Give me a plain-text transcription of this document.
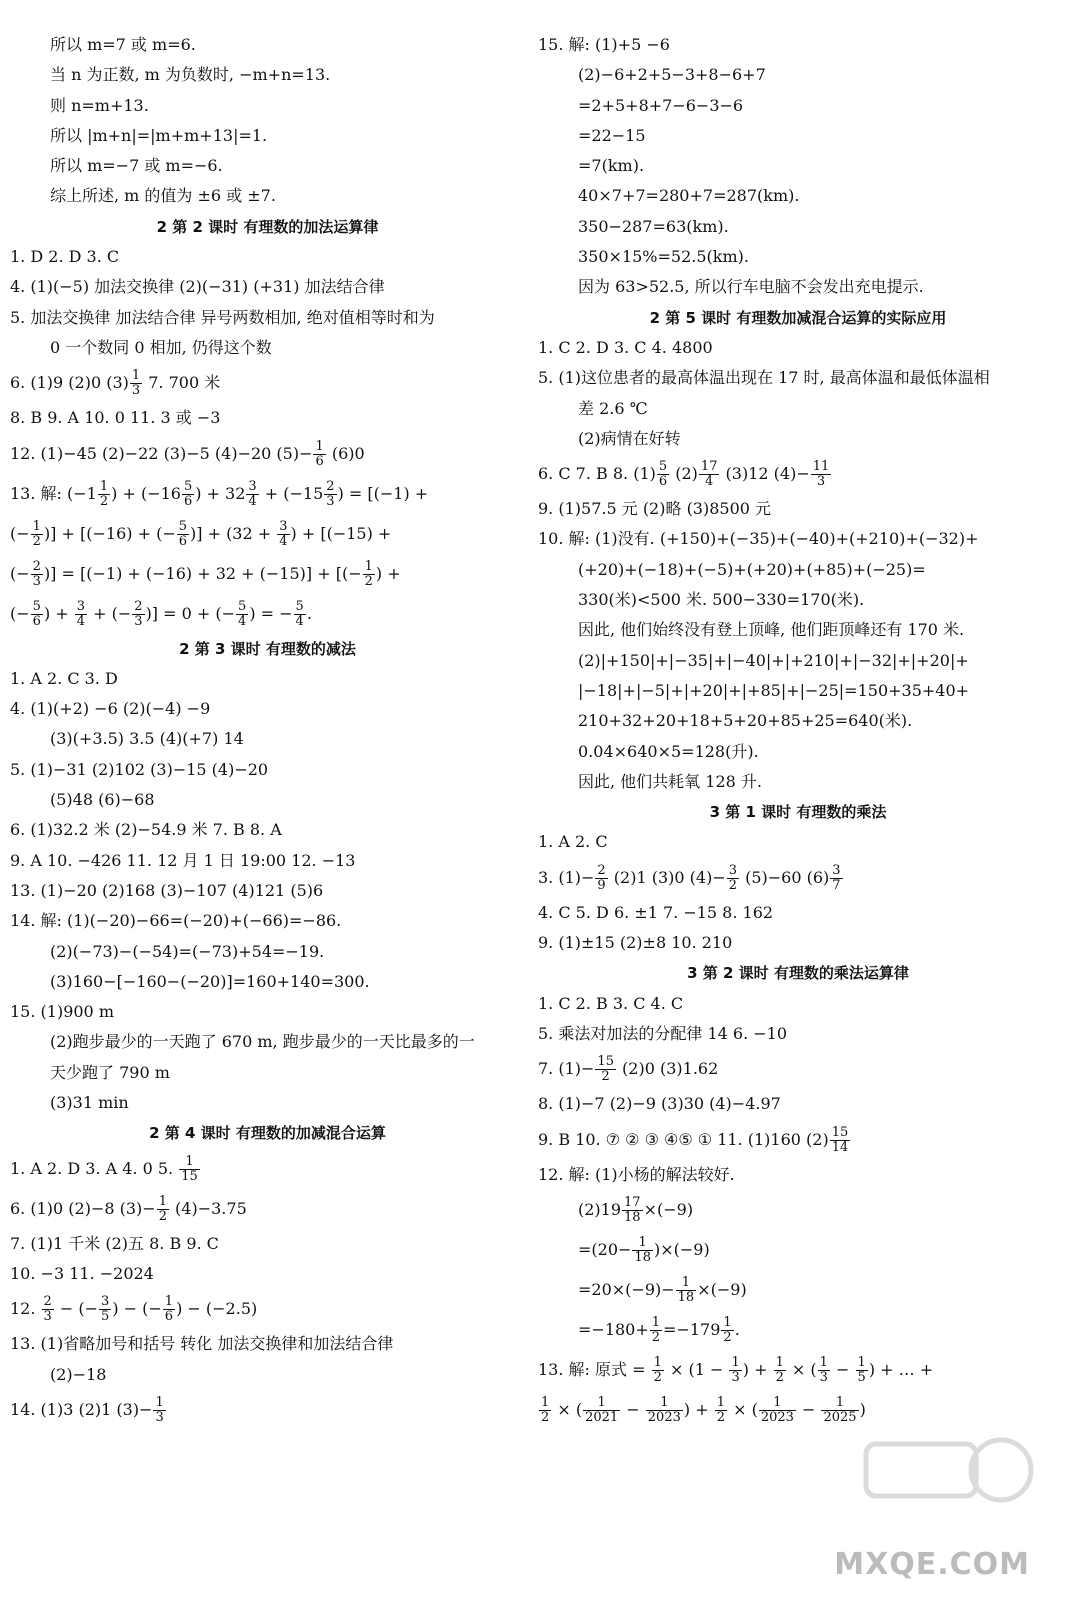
所以 m=7 或 m=6.
当 n 为正数, m 为负数时, −m+n=13.
则 n=m+13.
所以 |m+n|=|m+m+13|=1.
所以 m=−7 或 m=−6.
综上所述, m 的值为 ±6 或 ±7.
2 第 2 课时 有理数的加法运算律
1. D 2. D 3. C
4. (1)(−5) 加法交换律 (2)(−31) (+31) 加法结合律
5. 加法交换律 加法结合律 异号两数相加, 绝对值相等时和为
0 一个数同 0 相加, 仍得这个数
6. (1)9 (2)0 $(3) \frac{1}{3} 7$. 700 米
8. B 9. A 10. 0 11. 3 或 −3
12. (1)−45 (2)−22 (3)−5 (4)−20 $(5)- \frac{1}{6} (6)0$
13. 解: ($-1 \frac{1}{2}$ ) + ($-16 \frac{5}{6}$ ) + $32 \frac{3}{4} + (-15 \frac{2}{3}$ ) = [(−1) +
(− $\frac{1}{2}$ )] + [(−16) + (− $\frac{5}{6}$ )] + ($32 + \frac{3}{4}$ ) + [(−15) +
(− $\frac{2}{3}$ )] = [(−1) + (−16) + 32 + (−15)] + [(− $\frac{1}{2}$ ) +
(− $\frac{5}{6}$ ) + $\frac{3}{4}$ + (− $\frac{2}{3}$ )] = 0 + (− $\frac{5}{4}$ ) = − $\frac{5}{4}$ .
2 第 3 课时 有理数的减法
1. A 2. C 3. D
4. (1)(+2) −6 (2)(−4) −9
(3)(+3.5) 3.5 (4)(+7) 14
5. (1)−31 (2)102 (3)−15 (4)−20
(5)48 (6)−68
6. (1)32.2 米 (2)−54.9 米 7. B 8. A
9. A 10. −426 11. 12 月 1 日 19:00 12. −13
13. (1)−20 (2)168 (3)−107 (4)121 (5)6
14. 解: (1)(−20)−66=(−20)+(−66)=−86.
(2)(−73)−(−54)=(−73)+54=−19.
(3)160−[−160−(−20)]=160+140=300.
15. (1)900 m
(2)跑步最少的一天跑了 670 m, 跑步最少的一天比最多的一
天少跑了 790 m
(3)31 min
2 第 4 课时 有理数的加减混合运算
1. A 2. D 3. A 4. 0 5. $\frac{1}{15}$
6. (1)0 (2)−8 $(3)- \frac{1}{2} (4)-3.75$
7. (1)1 千米 (2)五 8. B 9. C
10. −3 11. −2024
12. $\frac{2}{3}$ − (− $\frac{3}{5}$ ) − (− $\frac{1}{6}$ ) − (−2.5)
13. (1)省略加号和括号 转化 加法交换律和加法结合律
(2)−18
14. (1)3 (2)1 $(3)- \frac{1}{3}$
15. 解: (1)+5 −6
(2)−6+2+5−3+8−6+7
=2+5+8+7−6−3−6
=22−15
=7(km).
40×7+7=280+7=287(km).
350−287=63(km).
350×15%=52.5(km).
因为 63>52.5, 所以行车电脑不会发出充电提示.
2 第 5 课时 有理数加减混合运算的实际应用
1. C 2. D 3. C 4. 4800
5. (1)这位患者的最高体温出现在 17 时, 最高体温和最低体温相
差 2.6 ℃
(2)病情在好转
6. C 7. B 8. $(1) \frac{5}{6} (2) \frac{17}{4} (3)12$ $(4)- \frac{11}{3}$
9. (1)57.5 元 (2)略 (3)8500 元
10. 解: (1)没有. (+150)+(−35)+(−40)+(+210)+(−32)+
(+20)+(−18)+(−5)+(+20)+(+85)+(−25)=
330(米)<500 米. 500−330=170(米).
因此, 他们始终没有登上顶峰, 他们距顶峰还有 170 米.
(2)|+150|+|−35|+|−40|+|+210|+|−32|+|+20|+
|−18|+|−5|+|+20|+|+85|+|−25|=150+35+40+
210+32+20+18+5+20+85+25=640(米).
0.04×640×5=128(升).
因此, 他们共耗氧 128 升.
3 第 1 课时 有理数的乘法
1. A 2. C
3. $(1)- \frac{2}{9} (2)1$ (3)0 $(4)- \frac{3}{2} (5)-60$ $(6) \frac{3}{7}$
4. C 5. D 6. ±1 7. −15 8. 162
9. (1)±15 (2)±8 10. 210
3 第 2 课时 有理数的乘法运算律
1. C 2. B 3. C 4. C
5. 乘法对加法的分配律 14 6. −10
7. $(1)- \frac{15}{2} (2)0$ (3)1.62
8. (1)−7 (2)−9 (3)30 (4)−4.97
9. B 10. ⑦ ② ③ ④⑤ ① 11. (1)160 $(2) \frac{15}{14}$
12. 解: (1)小杨的解法较好.
$(2)19 \frac{17}{18} \times(-9)$
$=(20- \frac{1}{18} )\times(-9)$
$=20\times(-9)- \frac{1}{18} \times(-9)$
$=-180+ \frac{1}{2} =-179 \frac{1}{2}$ .
13. 解: 原式 = $\frac{1}{2} \times (1 - \frac{1}{3}$ ) + $\frac{1}{2}$ × ( $\frac{1}{3} - \frac{1}{5}$ ) + … +
$\frac{1}{2}$ × ( $\frac{1}{2021} - \frac{1}{2023}$ ) + $\frac{1}{2}$ × ( $\frac{1}{2023} - \frac{1}{2025}$ )
MXQE.COM
